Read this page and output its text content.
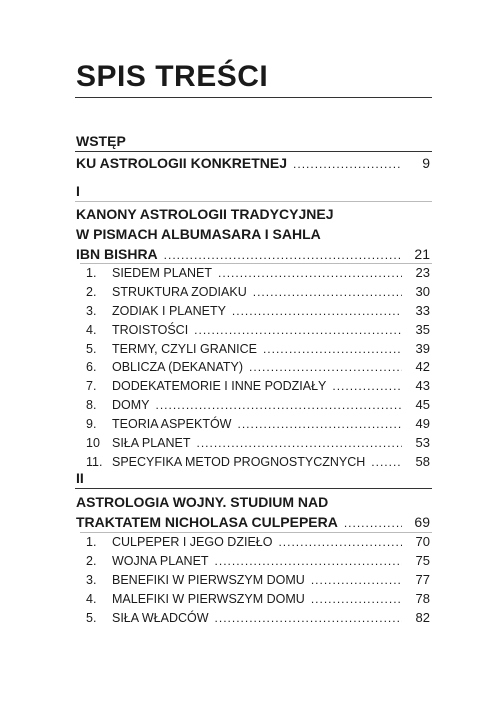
SPIS TREŚCI
WSTĘP
KU ASTROLOGII KONKRETNEJ .....	9
I
KANONY ASTROLOGII TRADYCYJNEJ
W PISMACH ALBUMASARA I SAHLA
IBN BISHRA .....	21
1.	SIEDEM PLANET .....	23
2.	STRUKTURA ZODIAKU .....	30
3.	ZODIAK I PLANETY .....	33
4.	TROISTOŚCI .....	35
5.	TERMY, CZYLI GRANICE .....	39
6.	OBLICZA (DEKANATY) .....	42
7.	DODEKATEMORIE I INNE PODZIAŁY .....	43
8.	DOMY .....	45
9.	TEORIA ASPEKTÓW .....	49
10 SIŁA PLANET .....	53
11. SPECYFIKA METOD PROGNOSTYCZNYCH .....	58
II
ASTROLOGIA WOJNY. STUDIUM NAD
TRAKTATEM NICHOLASA CULPEPERA .....	69
1.	CULPEPER I JEGO DZIEŁO .....	70
2.	WOJNA PLANET .....	75
3.	BENEFIKI W PIERWSZYM DOMU .....	77
4.	MALEFIKI W PIERWSZYM DOMU .....	78
5.	SIŁA WŁADCÓW .....	82
